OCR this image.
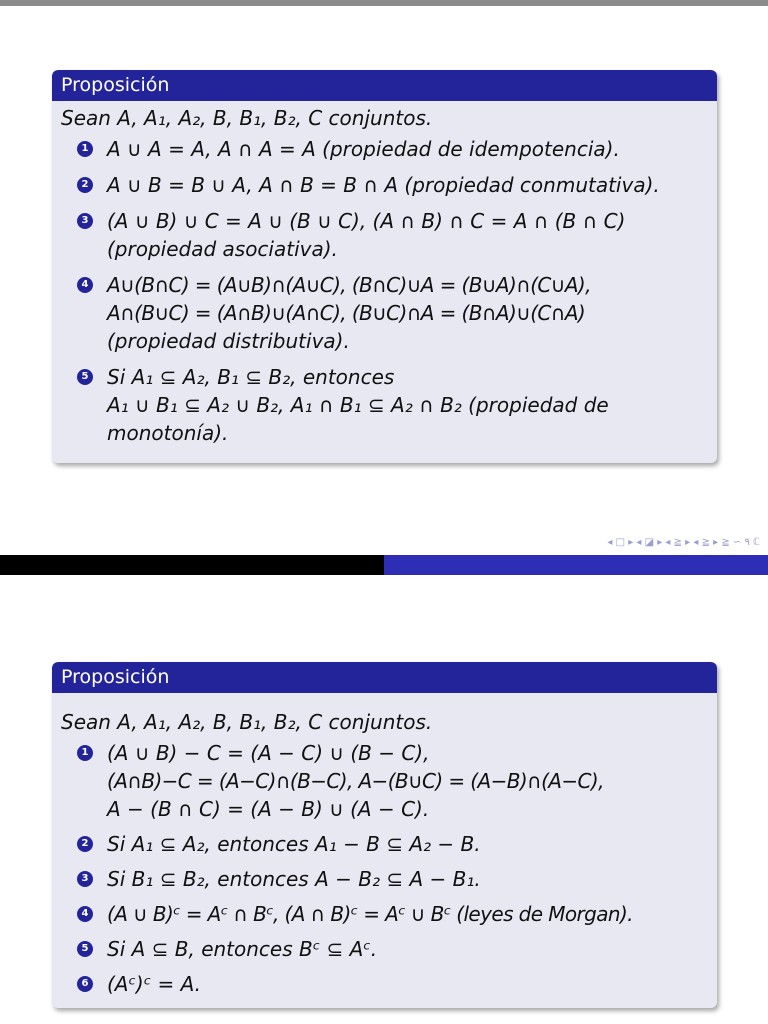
Proposición

Sean A, A₁, A₂, B, B₁, B₂, C conjuntos.

1 A ∪ A = A, A ∩ A = A (propiedad de idempotencia).
2 A ∪ B = B ∪ A, A ∩ B = B ∩ A (propiedad conmutativa).
3 (A ∪ B) ∪ C = A ∪ (B ∪ C), (A ∩ B) ∩ C = A ∩ (B ∩ C)
(propiedad asociativa).
4 A∪(B∩C) = (A∪B)∩(A∪C), (B∩C)∪A = (B∪A)∩(C∪A),
A∩(B∪C) = (A∩B)∪(A∩C), (B∪C)∩A = (B∩A)∪(C∩A)
(propiedad distributiva).
5 Si A₁ ⊆ A₂, B₁ ⊆ B₂, entonces
A₁ ∪ B₁ ⊆ A₂ ∪ B₂, A₁ ∩ B₁ ⊆ A₂ ∩ B₂ (propiedad de
monotonía).
◂ □ ▸ ◂ ◪ ▸ ◂ ≧ ▸ ◂ ≧ ▸ ≧ ∽ ٩ ℂ
Proposición

Sean A, A₁, A₂, B, B₁, B₂, C conjuntos.

1 (A ∪ B) − C = (A − C) ∪ (B − C),
(A∩B)−C = (A−C)∩(B−C), A−(B∪C) = (A−B)∩(A−C),
A − (B ∩ C) = (A − B) ∪ (A − C).
2 Si A₁ ⊆ A₂, entonces A₁ − B ⊆ A₂ − B.
3 Si B₁ ⊆ B₂, entonces A − B₂ ⊆ A − B₁.
4 (A ∪ B)ᶜ = Aᶜ ∩ Bᶜ, (A ∩ B)ᶜ = Aᶜ ∪ Bᶜ (leyes de Morgan).
5 Si A ⊆ B, entonces Bᶜ ⊆ Aᶜ.
6 (Aᶜ)ᶜ = A.
